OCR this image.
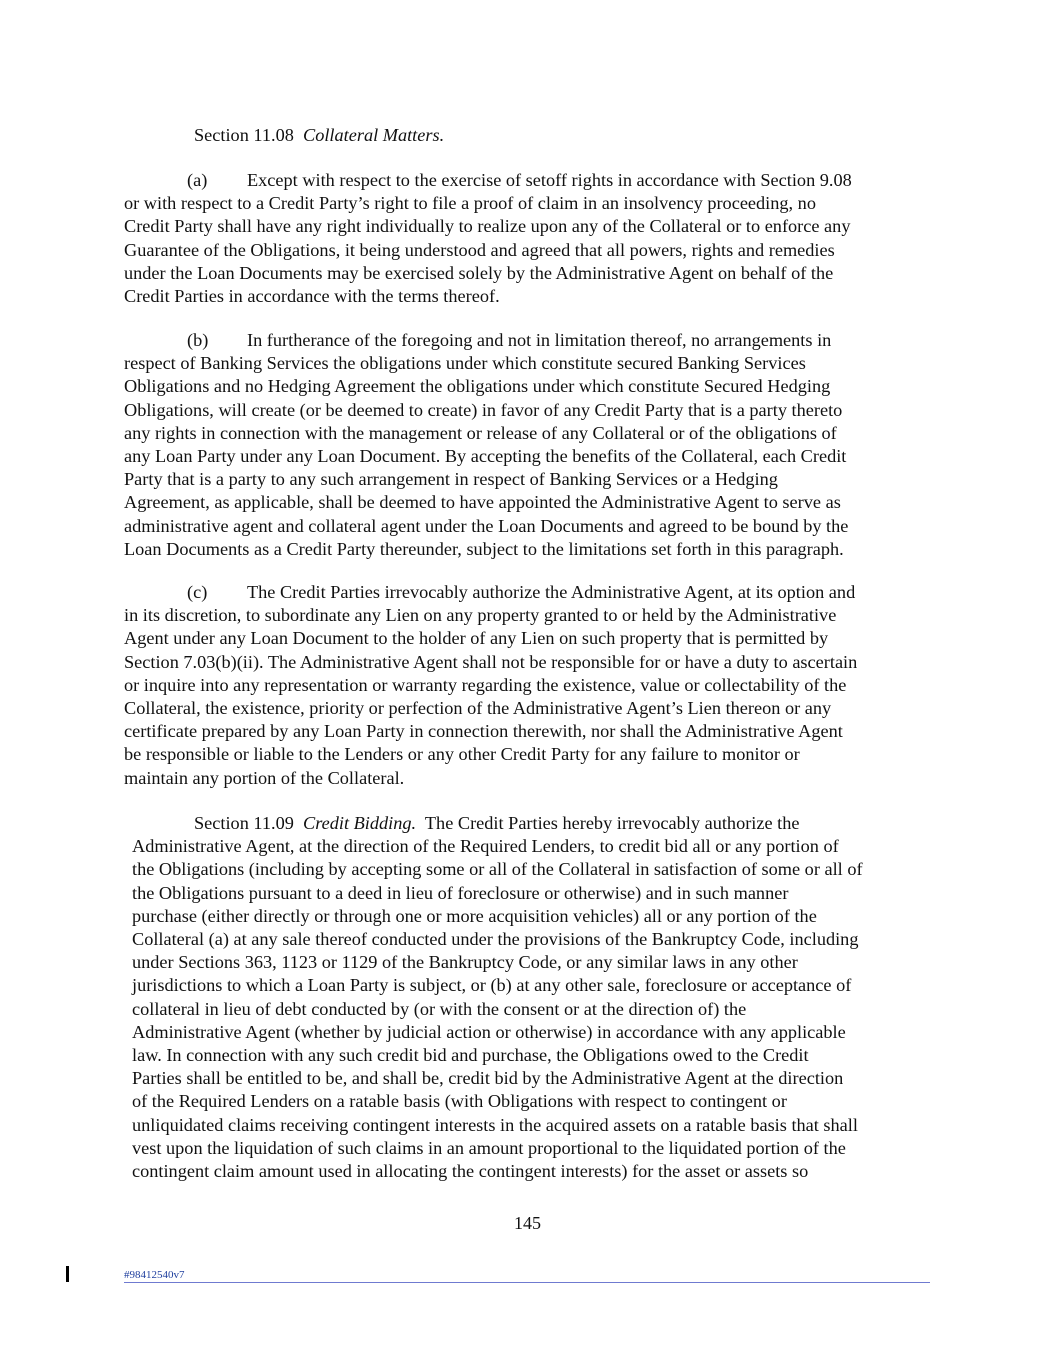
Section 11.08 Collateral Matters.
(a) Except with respect to the exercise of setoff rights in accordance with Section 9.08
or with respect to a Credit Party’s right to file a proof of claim in an insolvency proceeding, no
Credit Party shall have any right individually to realize upon any of the Collateral or to enforce any
Guarantee of the Obligations, it being understood and agreed that all powers, rights and remedies
under the Loan Documents may be exercised solely by the Administrative Agent on behalf of the
Credit Parties in accordance with the terms thereof.
(b) In furtherance of the foregoing and not in limitation thereof, no arrangements in
respect of Banking Services the obligations under which constitute secured Banking Services
Obligations and no Hedging Agreement the obligations under which constitute Secured Hedging
Obligations, will create (or be deemed to create) in favor of any Credit Party that is a party thereto
any rights in connection with the management or release of any Collateral or of the obligations of
any Loan Party under any Loan Document. By accepting the benefits of the Collateral, each Credit
Party that is a party to any such arrangement in respect of Banking Services or a Hedging
Agreement, as applicable, shall be deemed to have appointed the Administrative Agent to serve as
administrative agent and collateral agent under the Loan Documents and agreed to be bound by the
Loan Documents as a Credit Party thereunder, subject to the limitations set forth in this paragraph.
(c) The Credit Parties irrevocably authorize the Administrative Agent, at its option and
in its discretion, to subordinate any Lien on any property granted to or held by the Administrative
Agent under any Loan Document to the holder of any Lien on such property that is permitted by
Section 7.03(b)(ii). The Administrative Agent shall not be responsible for or have a duty to ascertain
or inquire into any representation or warranty regarding the existence, value or collectability of the
Collateral, the existence, priority or perfection of the Administrative Agent’s Lien thereon or any
certificate prepared by any Loan Party in connection therewith, nor shall the Administrative Agent
be responsible or liable to the Lenders or any other Credit Party for any failure to monitor or
maintain any portion of the Collateral.
Section 11.09 Credit Bidding. The Credit Parties hereby irrevocably authorize the
Administrative Agent, at the direction of the Required Lenders, to credit bid all or any portion of
the Obligations (including by accepting some or all of the Collateral in satisfaction of some or all of
the Obligations pursuant to a deed in lieu of foreclosure or otherwise) and in such manner
purchase (either directly or through one or more acquisition vehicles) all or any portion of the
Collateral (a) at any sale thereof conducted under the provisions of the Bankruptcy Code, including
under Sections 363, 1123 or 1129 of the Bankruptcy Code, or any similar laws in any other
jurisdictions to which a Loan Party is subject, or (b) at any other sale, foreclosure or acceptance of
collateral in lieu of debt conducted by (or with the consent or at the direction of) the
Administrative Agent (whether by judicial action or otherwise) in accordance with any applicable
law. In connection with any such credit bid and purchase, the Obligations owed to the Credit
Parties shall be entitled to be, and shall be, credit bid by the Administrative Agent at the direction
of the Required Lenders on a ratable basis (with Obligations with respect to contingent or
unliquidated claims receiving contingent interests in the acquired assets on a ratable basis that shall
vest upon the liquidation of such claims in an amount proportional to the liquidated portion of the
contingent claim amount used in allocating the contingent interests) for the asset or assets so
145
#98412540v7
